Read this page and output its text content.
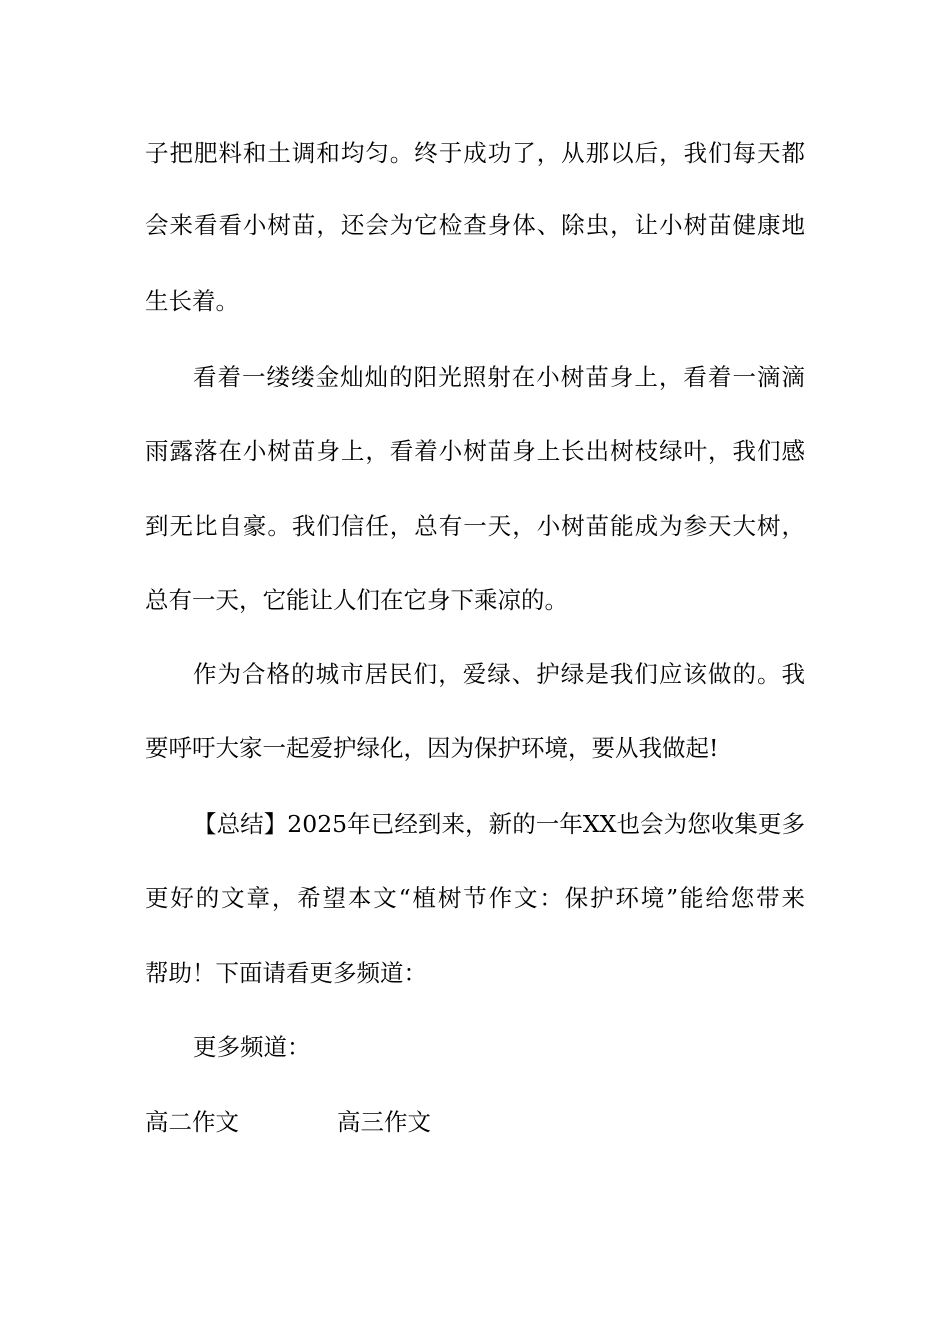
子把肥料和土调和均匀。终于成功了，从那以后，我们每天都
会来看看小树苗，还会为它检查身体、除虫，让小树苗健康地
生长着。
看着一缕缕金灿灿的阳光照射在小树苗身上，看着一滴滴
雨露落在小树苗身上，看着小树苗身上长出树枝绿叶，我们感
到无比自豪。我们信任，总有一天，小树苗能成为参天大树，
总有一天，它能让人们在它身下乘凉的。
作为合格的城市居民们，爱绿、护绿是我们应该做的。我
要呼吁大家一起爱护绿化，因为保护环境，要从我做起!
【总结】2025年已经到来，新的一年XX也会为您收集更多
更好的文章，希望本文“植树节作文：保护环境”能给您带来
帮助！下面请看更多频道：
更多频道：
高二作文	高三作文
